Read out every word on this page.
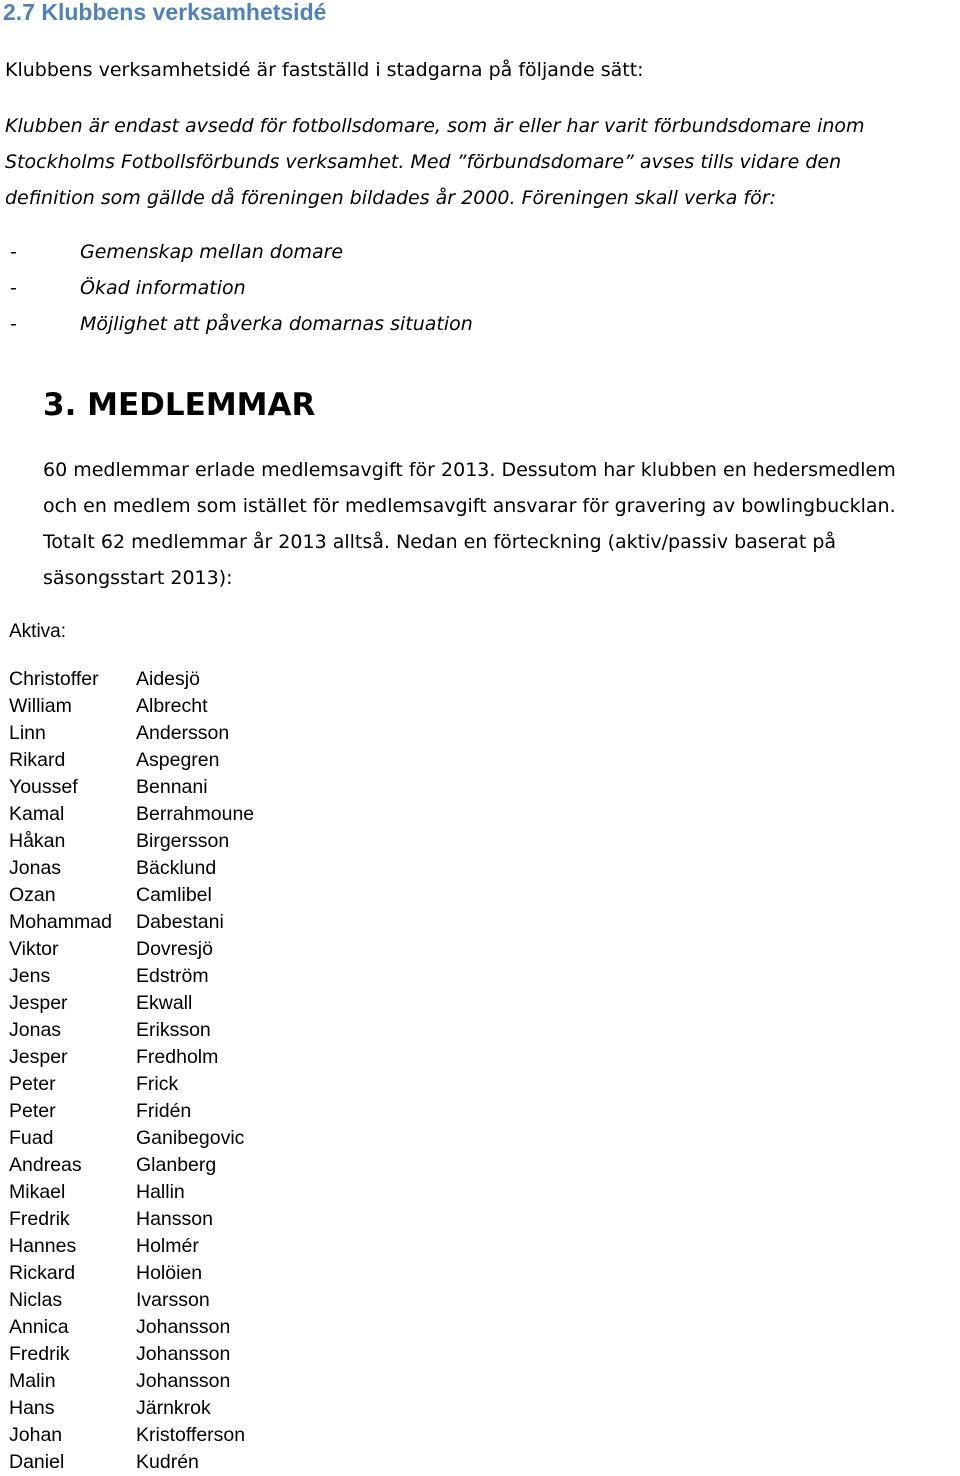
2.7 Klubbens verksamhetsidé
Klubbens verksamhetsidé är fastställd i stadgarna på följande sätt:
Klubben är endast avsedd för fotbollsdomare, som är eller har varit förbundsdomare inom
Stockholms Fotbollsförbunds verksamhet. Med ”förbundsdomare” avses tills vidare den
definition som gällde då föreningen bildades år 2000. Föreningen skall verka för:
-	Gemenskap mellan domare
-	Ökad information
-	Möjlighet att påverka domarnas situation
3. MEDLEMMAR
60 medlemmar erlade medlemsavgift för 2013. Dessutom har klubben en hedersmedlem
och en medlem som istället för medlemsavgift ansvarar för gravering av bowlingbucklan.
Totalt 62 medlemmar år 2013 alltså. Nedan en förteckning (aktiv/passiv baserat på
säsongsstart 2013):
Aktiva:
Christoffer Aidesjö
William	Albrecht
Linn	Andersson
Rikard	Aspegren
Youssef	Bennani
Kamal	Berrahmoune
Håkan	Birgersson
Jonas	Bäcklund
Ozan	Camlibel
Mohammad Dabestani
Viktor	Dovresjö
Jens	Edström
Jesper	Ekwall
Jonas	Eriksson
Jesper	Fredholm
Peter	Frick
Peter	Fridén
Fuad	Ganibegovic
Andreas	Glanberg
Mikael	Hallin
Fredrik	Hansson
Hannes	Holmér
Rickard	Holöien
Niclas	Ivarsson
Annica	Johansson
Fredrik	Johansson
Malin	Johansson
Hans	Järnkrok
Johan	Kristofferson
Daniel	Kudrén
